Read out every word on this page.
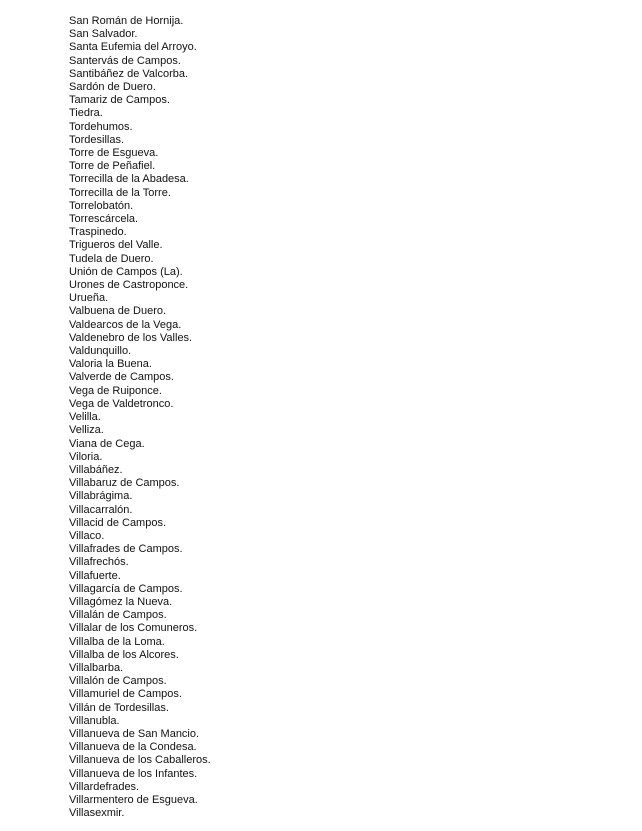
San Román de Hornija.
San Salvador.
Santa Eufemia del Arroyo.
Santervás de Campos.
Santibáñez de Valcorba.
Sardón de Duero.
Tamariz de Campos.
Tiedra.
Tordehumos.
Tordesillas.
Torre de Esgueva.
Torre de Peñafiel.
Torrecilla de la Abadesa.
Torrecilla de la Torre.
Torrelobatón.
Torrescárcela.
Traspinedo.
Trigueros del Valle.
Tudela de Duero.
Unión de Campos (La).
Urones de Castroponce.
Urueña.
Valbuena de Duero.
Valdearcos de la Vega.
Valdenebro de los Valles.
Valdunquillo.
Valoria la Buena.
Valverde de Campos.
Vega de Ruiponce.
Vega de Valdetronco.
Velilla.
Velliza.
Viana de Cega.
Viloria.
Villabáñez.
Villabaruz de Campos.
Villabrágima.
Villacarralón.
Villacid de Campos.
Villaco.
Villafrades de Campos.
Villafrechós.
Villafuerte.
Villagarcía de Campos.
Villagómez la Nueva.
Villalán de Campos.
Villalar de los Comuneros.
Villalba de la Loma.
Villalba de los Alcores.
Villalbarba.
Villalón de Campos.
Villamuriel de Campos.
Villán de Tordesillas.
Villanubla.
Villanueva de San Mancio.
Villanueva de la Condesa.
Villanueva de los Caballeros.
Villanueva de los Infantes.
Villardefrades.
Villarmentero de Esgueva.
Villasexmir.
